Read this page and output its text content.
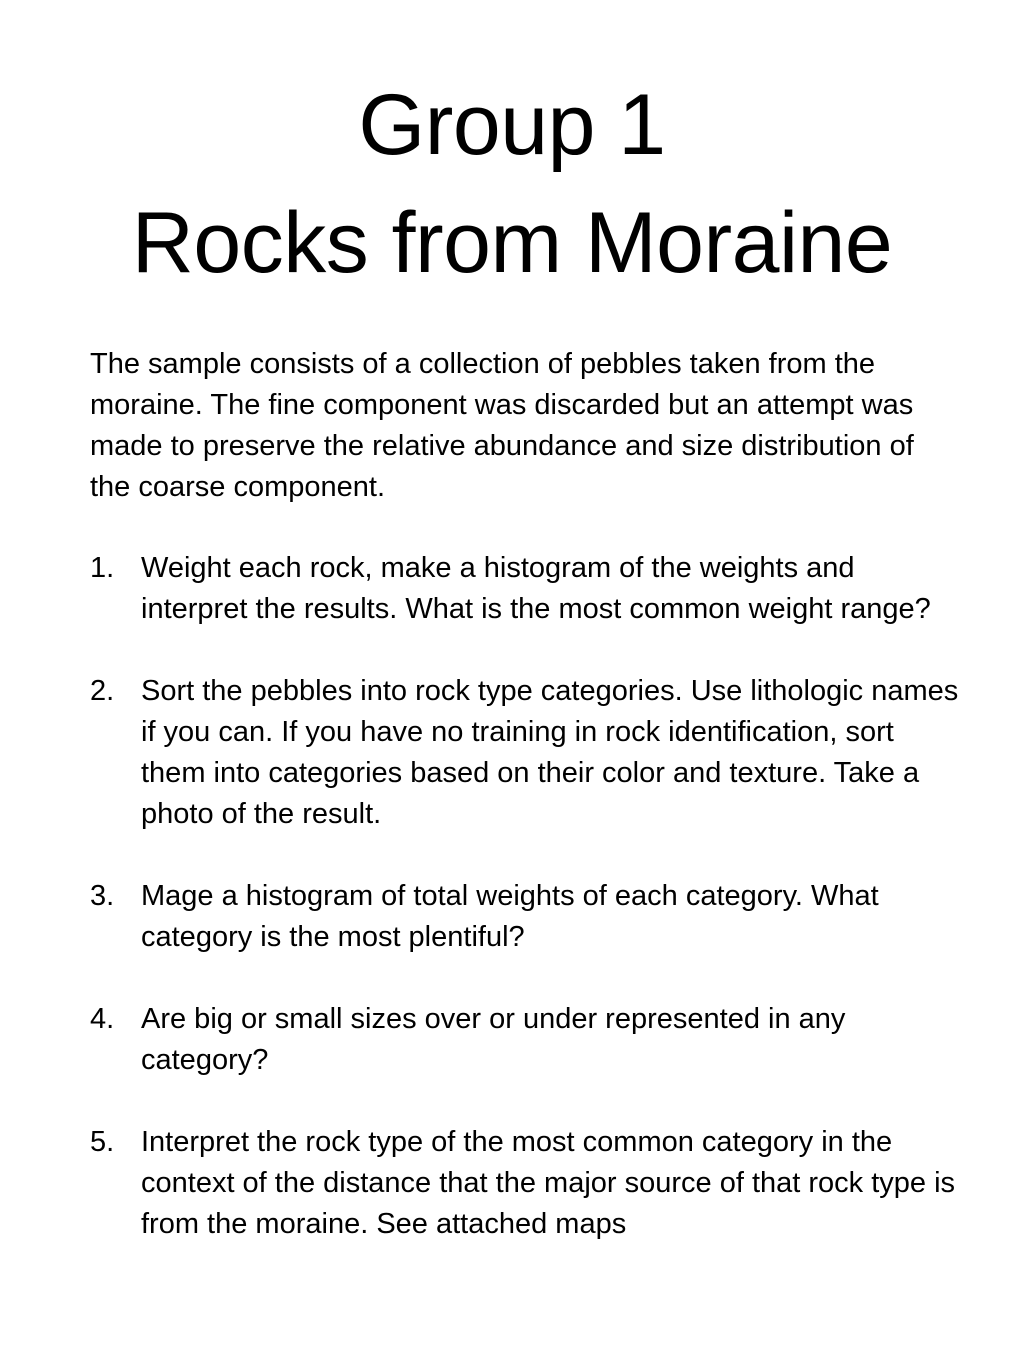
Group 1
Rocks from Moraine

The sample consists of a collection of pebbles taken from the moraine. The fine component was discarded but an attempt was made to preserve the relative abundance and size distribution of the coarse component.

1. Weight each rock, make a histogram of the weights and interpret the results. What is the most common weight range?
2. Sort the pebbles into rock type categories. Use lithologic names if you can. If you have no training in rock identification, sort them into categories based on their color and texture. Take a photo of the result.
3. Mage a histogram of total weights of each category. What category is the most plentiful?
4. Are big or small sizes over or under represented in any category?
5. Interpret the rock type of the most common category in the context of the distance that the major source of that rock type is from the moraine. See attached maps
